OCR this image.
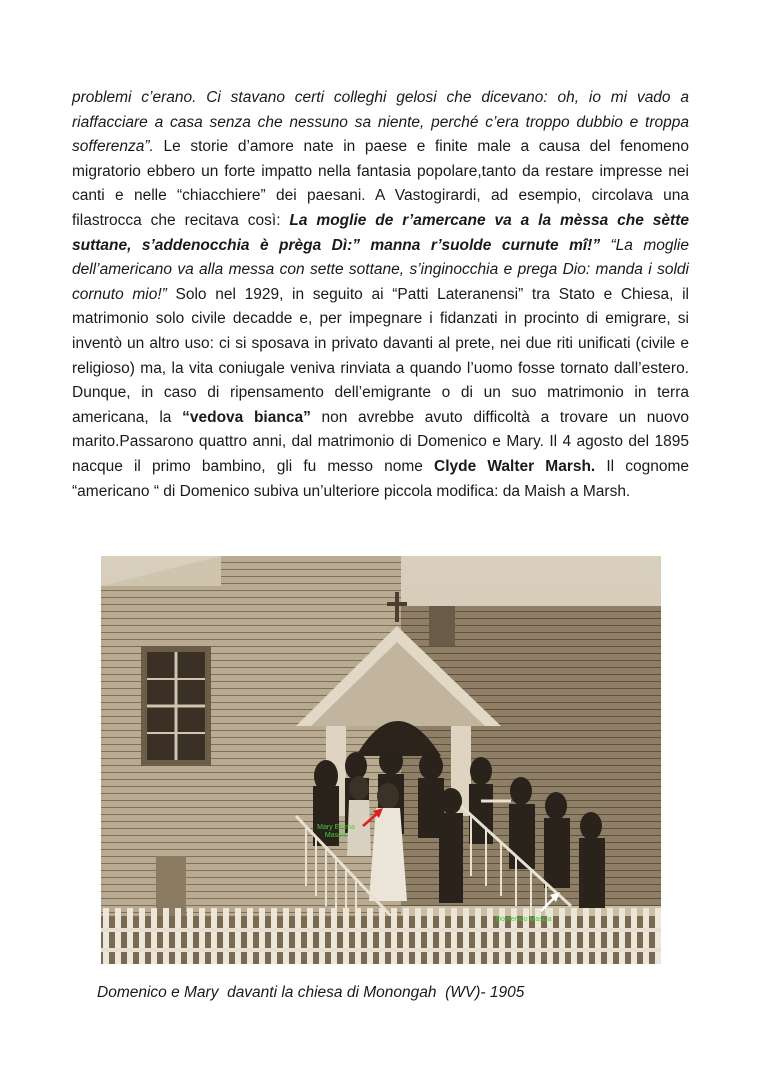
problemi c’erano. Ci stavano certi colleghi gelosi che dicevano: oh, io mi vado a riaffacciare a casa senza che nessuno sa niente, perché c’era troppo dubbio e troppa sofferenza”. Le storie d’amore nate in paese e finite male a causa del fenomeno migratorio ebbero un forte impatto nella fantasia popolare,tanto da restare impresse nei canti e nelle “chiacchiere” dei paesani. A Vastogirardi, ad esempio, circolava una filastrocca che recitava così: La moglie de r’amercane va a la mèssa che sètte suttane, s’addenocchia è prèga Dì:” manna r’suolde curnute mî!” “La moglie dell’americano va alla messa con sette sottane, s’inginocchia e prega Dio: manda i soldi cornuto mio!” Solo nel 1929, in seguito ai “Patti Lateranensi” tra Stato e Chiesa, il matrimonio solo civile decadde e, per impegnare i fidanzati in procinto di emigrare, si inventò un altro uso: ci si sposava in privato davanti al prete, nei due riti unificati (civile e religioso) ma, la vita coniugale veniva rinviata a quando l’uomo fosse tornato dall’estero. Dunque, in caso di ripensamento dell’emigrante o di un suo matrimonio in terra americana, la “vedova bianca” non avrebbe avuto difficoltà a trovare un nuovo marito.Passarono quattro anni, dal matrimonio di Domenico e Mary. Il 4 agosto del 1895 nacque il primo bambino, gli fu messo nome Clyde Walter Marsh. Il cognome “americano “ di Domenico subiva un’ulteriore piccola modifica: da Maish a Marsh.

Mary Emma
Mascia
Domenico Mascia
Domenico e Mary  davanti la chiesa di Monongah  (WV)- 1905
